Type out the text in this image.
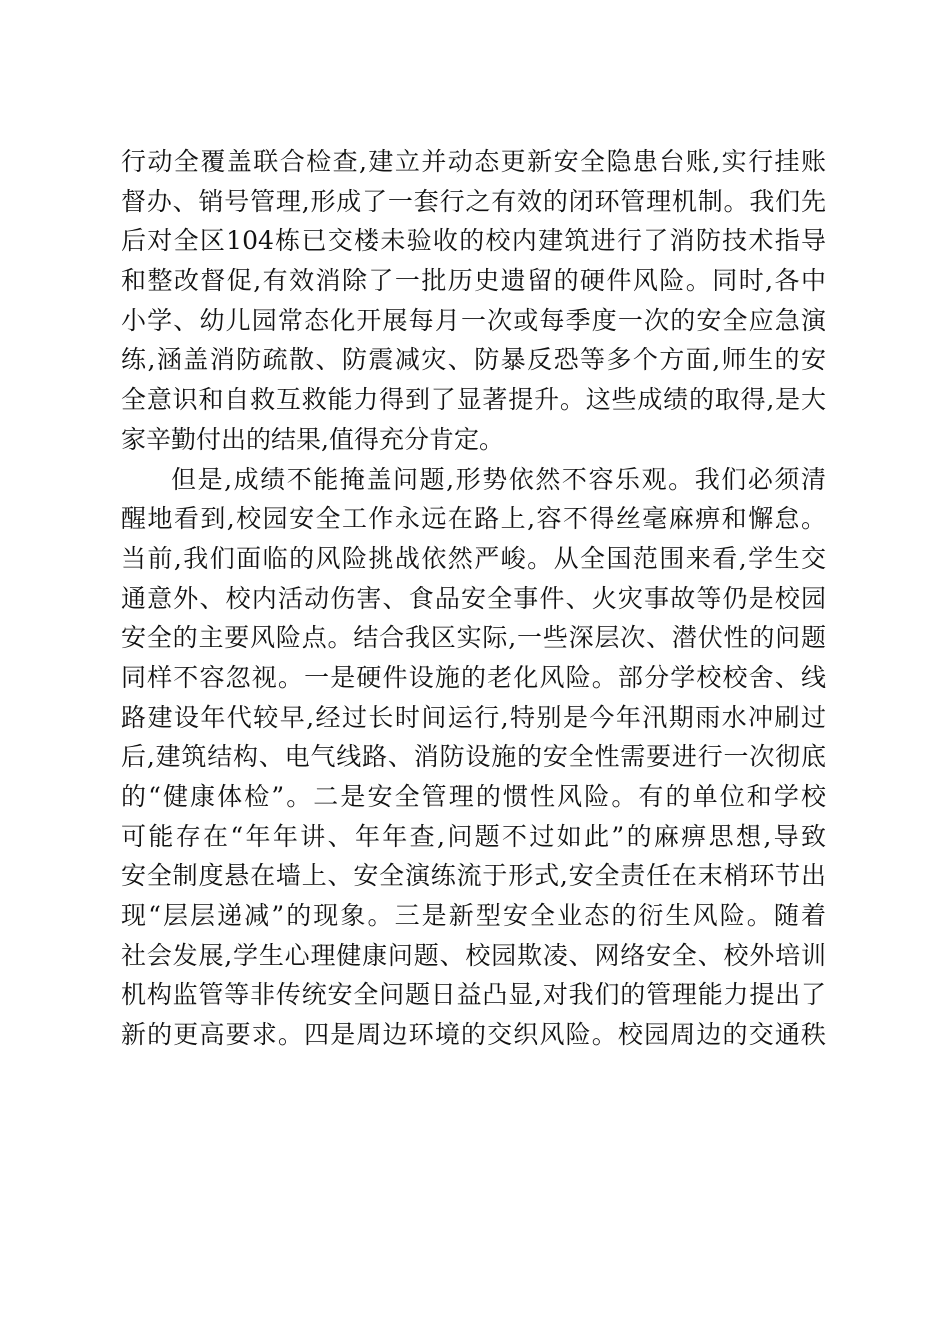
行动全覆盖联合检查,建立并动态更新安全隐患台账,实行挂账
督办、销号管理,形成了一套行之有效的闭环管理机制。我们先
后对全区104栋已交楼未验收的校内建筑进行了消防技术指导
和整改督促,有效消除了一批历史遗留的硬件风险。同时,各中
小学、幼儿园常态化开展每月一次或每季度一次的安全应急演
练,涵盖消防疏散、防震减灾、防暴反恐等多个方面,师生的安
全意识和自救互救能力得到了显著提升。这些成绩的取得,是大
家辛勤付出的结果,值得充分肯定。
但是,成绩不能掩盖问题,形势依然不容乐观。我们必须清
醒地看到,校园安全工作永远在路上,容不得丝毫麻痹和懈怠。
当前,我们面临的风险挑战依然严峻。从全国范围来看,学生交
通意外、校内活动伤害、食品安全事件、火灾事故等仍是校园
安全的主要风险点。结合我区实际,一些深层次、潜伏性的问题
同样不容忽视。一是硬件设施的老化风险。部分学校校舍、线
路建设年代较早,经过长时间运行,特别是今年汛期雨水冲刷过
后,建筑结构、电气线路、消防设施的安全性需要进行一次彻底
的“健康体检”。二是安全管理的惯性风险。有的单位和学校
可能存在“年年讲、年年查,问题不过如此”的麻痹思想,导致
安全制度悬在墙上、安全演练流于形式,安全责任在末梢环节出
现“层层递减”的现象。三是新型安全业态的衍生风险。随着
社会发展,学生心理健康问题、校园欺凌、网络安全、校外培训
机构监管等非传统安全问题日益凸显,对我们的管理能力提出了
新的更高要求。四是周边环境的交织风险。校园周边的交通秩
